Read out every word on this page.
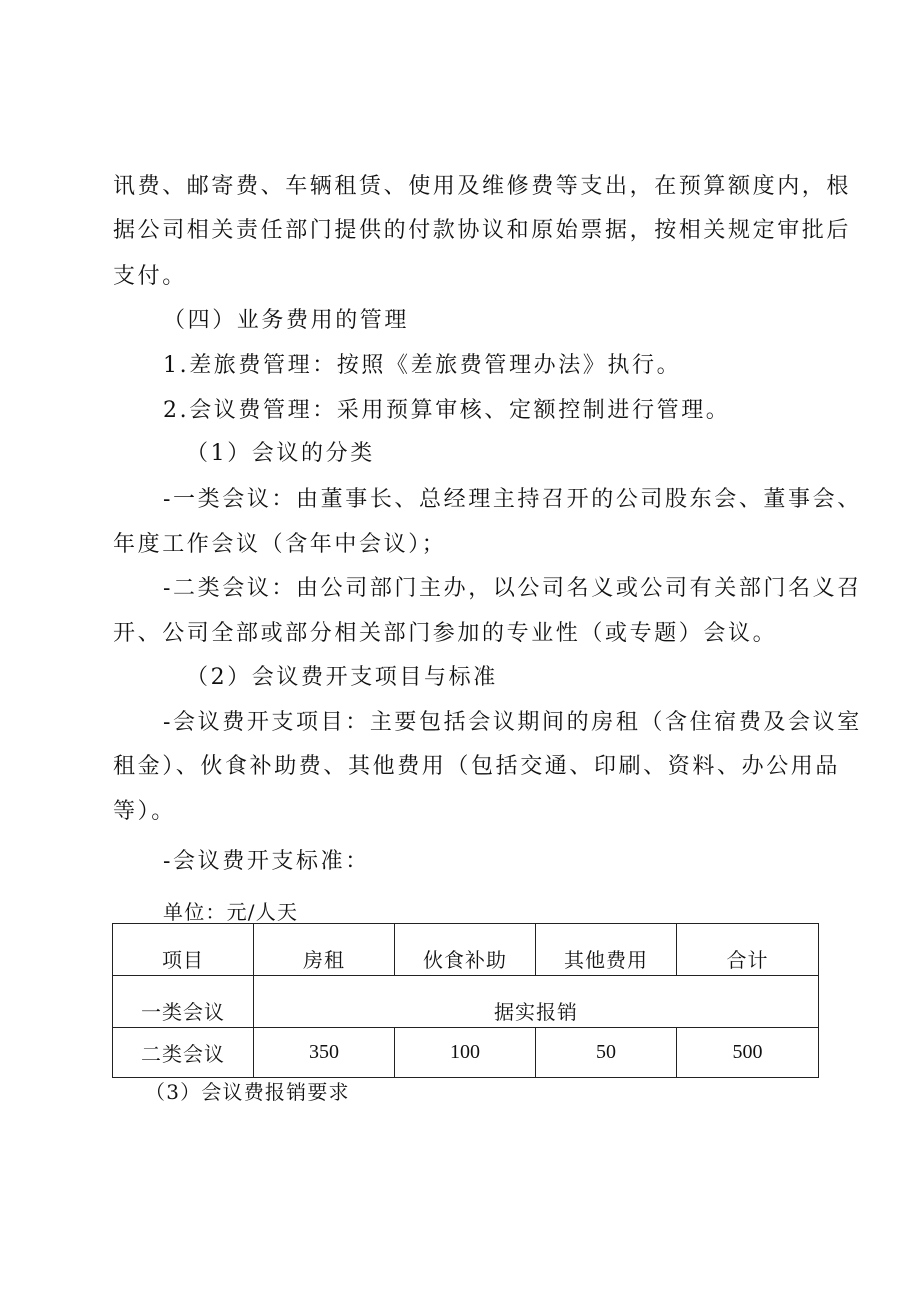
讯费、邮寄费、车辆租赁、使用及维修费等支出，在预算额度内，根
据公司相关责任部门提供的付款协议和原始票据，按相关规定审批后
支付。
（四）业务费用的管理
1.差旅费管理：按照《差旅费管理办法》执行。
2.会议费管理：采用预算审核、定额控制进行管理。
（1）会议的分类
-一类会议：由董事长、总经理主持召开的公司股东会、董事会、
年度工作会议（含年中会议）；
-二类会议：由公司部门主办，以公司名义或公司有关部门名义召
开、公司全部或部分相关部门参加的专业性（或专题）会议。
（2）会议费开支项目与标准
-会议费开支项目：主要包括会议期间的房租（含住宿费及会议室
租金）、伙食补助费、其他费用（包括交通、印刷、资料、办公用品
等）。
-会议费开支标准：
单位：元/人天
项目	房租	伙食补助	其他费用	合计
一类会议	据实报销			
二类会议	350	100	50	500
（3）会议费报销要求
